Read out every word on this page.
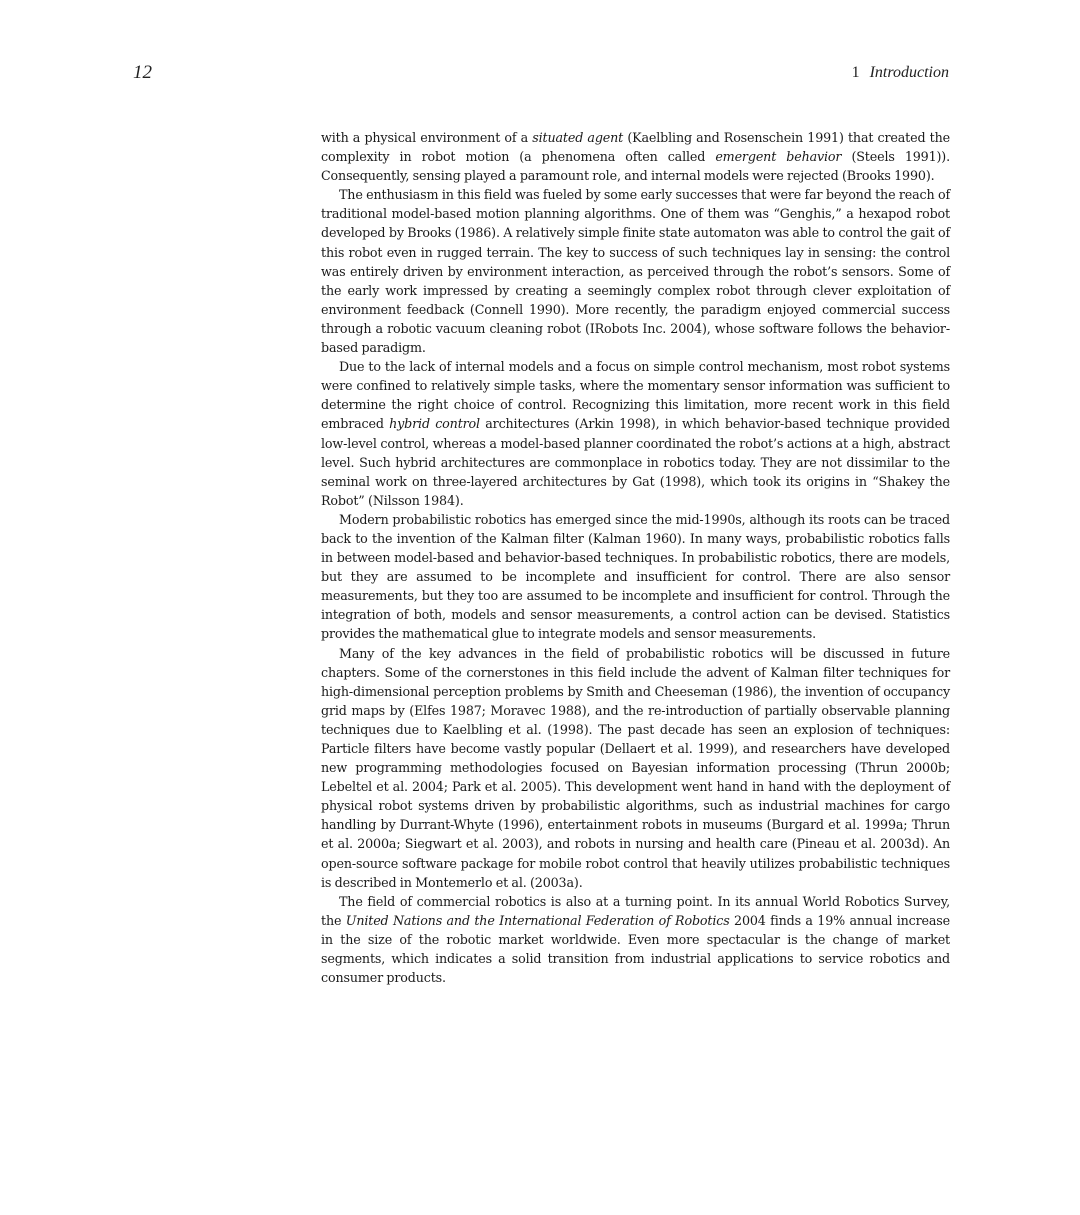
12	1 Introduction

with a physical environment of a situated agent (Kaelbling and Rosenschein 1991) that created the complexity in robot motion (a phenomena often called emergent behavior (Steels 1991)). Consequently, sensing played a paramount role, and internal models were rejected (Brooks 1990).

The enthusiasm in this field was fueled by some early successes that were far beyond the reach of traditional model-based motion planning algorithms. One of them was “Genghis,” a hexapod robot developed by Brooks (1986). A relatively simple finite state automaton was able to control the gait of this robot even in rugged terrain. The key to success of such techniques lay in sensing: the control was entirely driven by environment interaction, as perceived through the robot’s sensors. Some of the early work impressed by creating a seemingly complex robot through clever exploitation of environment feedback (Connell 1990). More recently, the paradigm enjoyed commercial success through a robotic vacuum cleaning robot (IRobots Inc. 2004), whose software follows the behavior-based paradigm.

Due to the lack of internal models and a focus on simple control mechanism, most robot systems were confined to relatively simple tasks, where the momentary sensor information was sufficient to determine the right choice of control. Recognizing this limitation, more recent work in this field embraced hybrid control architectures (Arkin 1998), in which behavior-based technique provided low-level control, whereas a model-based planner coordinated the robot’s actions at a high, abstract level. Such hybrid architectures are commonplace in robotics today. They are not dissimilar to the seminal work on three-layered architectures by Gat (1998), which took its origins in “Shakey the Robot” (Nilsson 1984).

Modern probabilistic robotics has emerged since the mid-1990s, although its roots can be traced back to the invention of the Kalman filter (Kalman 1960). In many ways, probabilistic robotics falls in between model-based and behavior-based techniques. In probabilistic robotics, there are models, but they are assumed to be incomplete and insufficient for control. There are also sensor measurements, but they too are assumed to be incomplete and insufficient for control. Through the integration of both, models and sensor measurements, a control action can be devised. Statistics provides the mathematical glue to integrate models and sensor measurements.

Many of the key advances in the field of probabilistic robotics will be discussed in future chapters. Some of the cornerstones in this field include the advent of Kalman filter techniques for high-dimensional perception problems by Smith and Cheeseman (1986), the invention of occupancy grid maps by (Elfes 1987; Moravec 1988), and the re-introduction of partially observable planning techniques due to Kaelbling et al. (1998). The past decade has seen an explosion of techniques: Particle filters have become vastly popular (Dellaert et al. 1999), and researchers have developed new programming methodologies focused on Bayesian information processing (Thrun 2000b; Lebeltel et al. 2004; Park et al. 2005). This development went hand in hand with the deployment of physical robot systems driven by probabilistic algorithms, such as industrial machines for cargo handling by Durrant-Whyte (1996), entertainment robots in museums (Burgard et al. 1999a; Thrun et al. 2000a; Siegwart et al. 2003), and robots in nursing and health care (Pineau et al. 2003d). An open-source software package for mobile robot control that heavily utilizes probabilistic techniques is described in Montemerlo et al. (2003a).

The field of commercial robotics is also at a turning point. In its annual World Robotics Survey, the United Nations and the International Federation of Robotics 2004 finds a 19% annual increase in the size of the robotic market worldwide. Even more spectacular is the change of market segments, which indicates a solid transition from industrial applications to service robotics and consumer products.
